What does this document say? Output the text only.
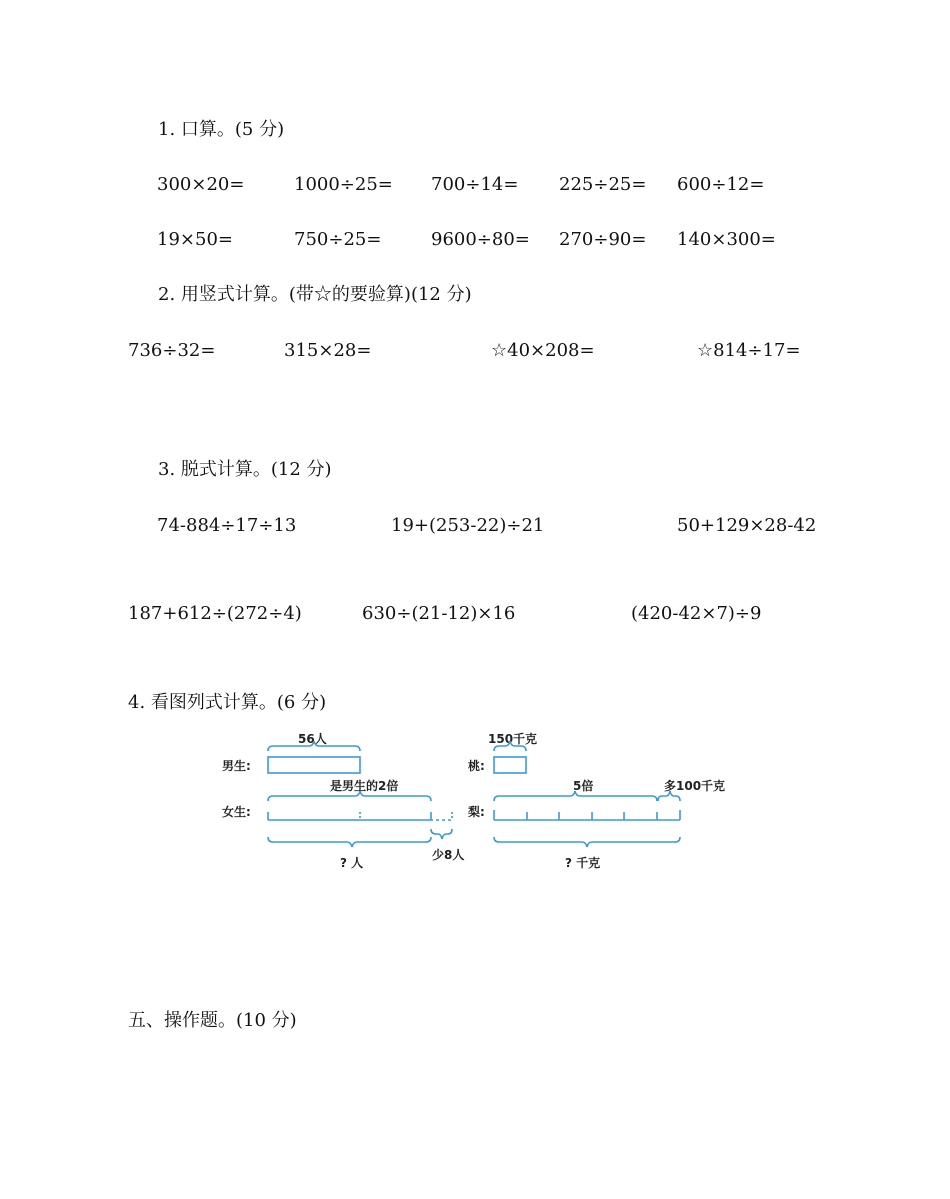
1. 口算。(5 分)
300×20=	1000÷25= 700÷14= 225÷25= 600÷12=
19×50=	750÷25=	9600÷80= 270÷90= 140×300=
2. 用竖式计算。(带☆的要验算)(12 分)
736÷32=	315×28=	☆40×208=	☆814÷17=
3. 脱式计算。(12 分)
74-884÷17÷13	19+(253-22)÷21	50+129×28-42
187+612÷(272÷4)	630÷(21-12)×16	(420-42×7)÷9
4. 看图列式计算。(6 分)
男生:
56人
是男生的2倍
女生:
少8人
? 人
桃:
150千克
5倍	多100千克
梨:
? 千克
五、操作题。(10 分)
